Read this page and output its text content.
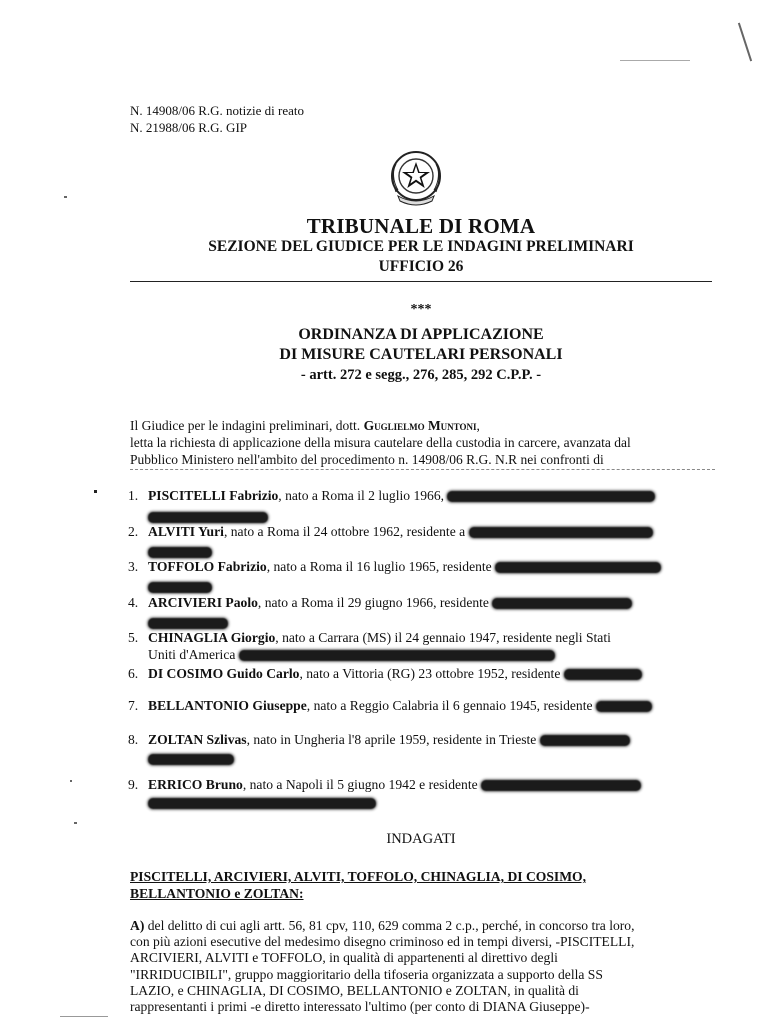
N. 14908/06 R.G. notizie di reato
N. 21988/06 R.G. GIP
TRIBUNALE DI ROMA
SEZIONE DEL GIUDICE PER LE INDAGINI PRELIMINARI
UFFICIO 26
***
ORDINANZA DI APPLICAZIONE
DI MISURE CAUTELARI PERSONALI
- artt. 272 e segg., 276, 285, 292 C.P.P. -
Il Giudice per le indagini preliminari, dott. Guglielmo Muntoni,
letta la richiesta di applicazione della misura cautelare della custodia in carcere, avanzata dal
Pubblico Ministero nell'ambito del procedimento n. 14908/06 R.G. N.R nei confronti di
1. PISCITELLI Fabrizio, nato a Roma il 2 luglio 1966,
2. ALVITI Yuri, nato a Roma il 24 ottobre 1962, residente a
3. TOFFOLO Fabrizio, nato a Roma il 16 luglio 1965, residente
4. ARCIVIERI Paolo, nato a Roma il 29 giugno 1966, residente
5. CHINAGLIA Giorgio, nato a Carrara (MS) il 24 gennaio 1947, residente negli Stati
Uniti d'America
6. DI COSIMO Guido Carlo, nato a Vittoria (RG) 23 ottobre 1952, residente
7. BELLANTONIO Giuseppe, nato a Reggio Calabria il 6 gennaio 1945, residente
8. ZOLTAN Szlivas, nato in Ungheria l'8 aprile 1959, residente in Trieste
9. ERRICO Bruno, nato a Napoli il 5 giugno 1942 e residente
INDAGATI
PISCITELLI, ARCIVIERI, ALVITI, TOFFOLO, CHINAGLIA, DI COSIMO,
BELLANTONIO e ZOLTAN:
A) del delitto di cui agli artt. 56, 81 cpv, 110, 629 comma 2 c.p., perché, in concorso tra loro,
con più azioni esecutive del medesimo disegno criminoso ed in tempi diversi, -PISCITELLI,
ARCIVIERI, ALVITI e TOFFOLO, in qualità di appartenenti al direttivo degli
"IRRIDUCIBILI", gruppo maggioritario della tifoseria organizzata a supporto della SS
LAZIO, e CHINAGLIA, DI COSIMO, BELLANTONIO e ZOLTAN, in qualità di
rappresentanti i primi -e diretto interessato l'ultimo (per conto di DIANA Giuseppe)-
